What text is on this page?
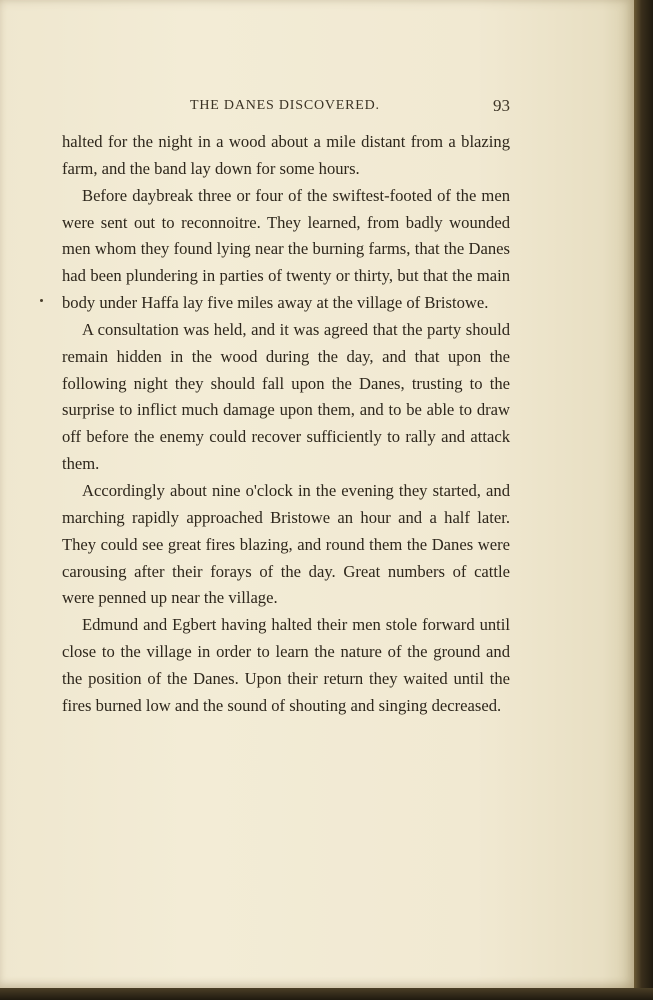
THE DANES DISCOVERED.	93

halted for the night in a wood about a mile distant from a blazing farm, and the band lay down for some hours.

Before daybreak three or four of the swiftest-footed of the men were sent out to reconnoitre. They learned, from badly wounded men whom they found lying near the burning farms, that the Danes had been plundering in parties of twenty or thirty, but that the main body under Haffa lay five miles away at the village of Bristowe.

A consultation was held, and it was agreed that the party should remain hidden in the wood during the day, and that upon the following night they should fall upon the Danes, trusting to the surprise to inflict much damage upon them, and to be able to draw off before the enemy could recover sufficiently to rally and attack them.

Accordingly about nine o'clock in the evening they started, and marching rapidly approached Bristowe an hour and a half later. They could see great fires blazing, and round them the Danes were carousing after their forays of the day. Great numbers of cattle were penned up near the village.

Edmund and Egbert having halted their men stole forward until close to the village in order to learn the nature of the ground and the position of the Danes. Upon their return they waited until the fires burned low and the sound of shouting and singing decreased.
